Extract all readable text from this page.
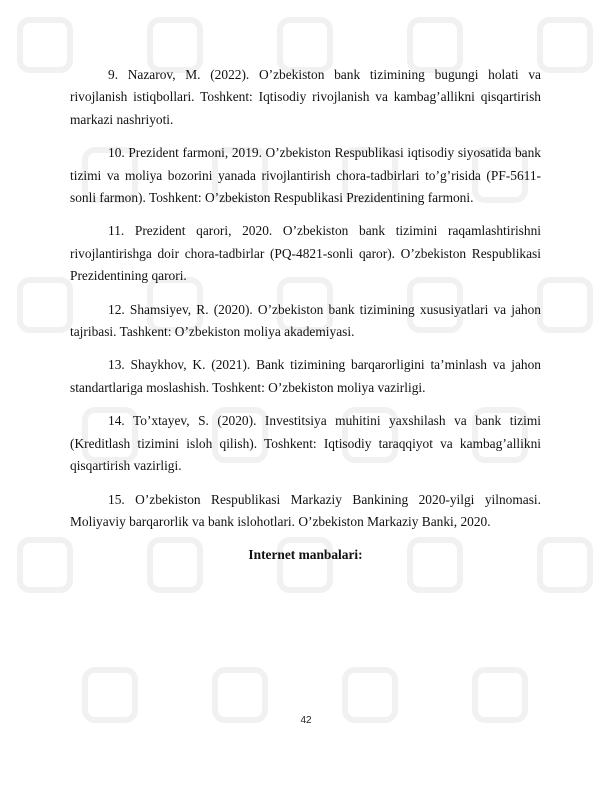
9. Nazarov, M. (2022). O’zbekiston bank tizimining bugungi holati va rivojlanish istiqbollari. Toshkent: Iqtisodiy rivojlanish va kambag’allikni qisqartirish markazi nashriyoti.

10. Prezident farmoni, 2019. O’zbekiston Respublikasi iqtisodiy siyosatida bank tizimi va moliya bozorini yanada rivojlantirish chora-tadbirlari to’g’risida (PF-5611-sonli farmon). Toshkent: O’zbekiston Respublikasi Prezidentining farmoni.

11. Prezident qarori, 2020. O’zbekiston bank tizimini raqamlashtirishni rivojlantirishga doir chora-tadbirlar (PQ-4821-sonli qaror). O’zbekiston Respublikasi Prezidentining qarori.

12. Shamsiyev, R. (2020). O’zbekiston bank tizimining xususiyatlari va jahon tajribasi. Tashkent: O’zbekiston moliya akademiyasi.

13. Shaykhov, K. (2021). Bank tizimining barqarorligini ta’minlash va jahon standartlariga moslashish. Toshkent: O’zbekiston moliya vazirligi.

14. To’xtayev, S. (2020). Investitsiya muhitini yaxshilash va bank tizimi (Kreditlash tizimini isloh qilish). Toshkent: Iqtisodiy taraqqiyot va kambag’allikni qisqartirish vazirligi.

15. O’zbekiston Respublikasi Markaziy Bankining 2020-yilgi yilnomasi. Moliyaviy barqarorlik va bank islohotlari. O’zbekiston Markaziy Banki, 2020.

Internet manbalari:

42
